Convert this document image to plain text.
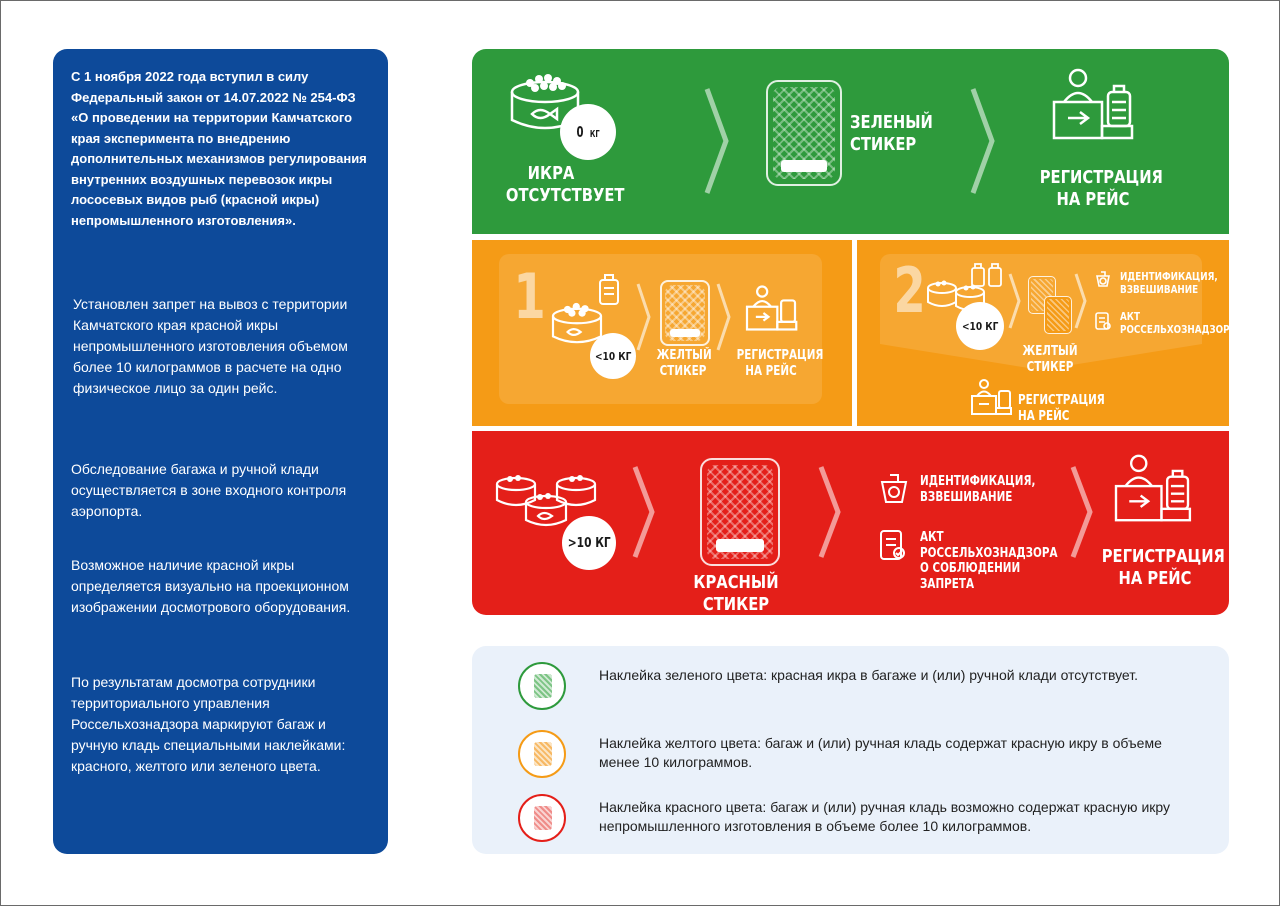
С 1 ноября 2022 года вступил в силу Федеральный закон от 14.07.2022 № 254-ФЗ «О проведении на территории Камчатского края эксперимента по внедрению дополнительных механизмов регулирования внутренних воздушных перевозок икры лососевых видов рыб (красной икры) непромышленного изготовления».
Установлен запрет на вывоз с территории Камчатского края красной икры непромышленного изготовления объемом более 10 килограммов в расчете на одно физическое лицо за один рейс.
Обследование багажа и ручной клади осуществляется в зоне входного контроля аэропорта.
Возможное наличие красной икры определяется визуально на проекционном изображении досмотрового оборудования.
По результатам досмотра сотрудники территориального управления Россельхознадзора маркируют багаж и ручную кладь специальными наклейками: красного, желтого или зеленого цвета.
0 КГ
ИКРА ОТСУТСТВУЕТ
ЗЕЛЕНЫЙ СТИКЕР
РЕГИСТРАЦИЯ НА РЕЙС
1
<10 КГ ЖЕЛТЫЙ СТИКЕР
РЕГИСТРАЦИЯ НА РЕЙС
2	<10 КГ
ИДЕНТИФИКАЦИЯ, ВЗВЕШИВАНИЕ
АКТ РОССЕЛЬХОЗНАДЗОРА
ЖЕЛТЫЙ СТИКЕР
РЕГИСТРАЦИЯ НА РЕЙС
>10 КГ
КРАСНЫЙ СТИКЕР
ИДЕНТИФИКАЦИЯ, ВЗВЕШИВАНИЕ
АКТ РОССЕЛЬХОЗНАДЗОРА О СОБЛЮДЕНИИ ЗАПРЕТА
РЕГИСТРАЦИЯ НА РЕЙС
Наклейка зеленого цвета: красная икра в багаже и (или) ручной клади отсутствует.
Наклейка желтого цвета: багаж и (или) ручная кладь содержат красную икру в объеме менее 10 килограммов.
Наклейка красного цвета: багаж и (или) ручная кладь возможно содержат красную икру непромышленного изготовления в объеме более 10 килограммов.
